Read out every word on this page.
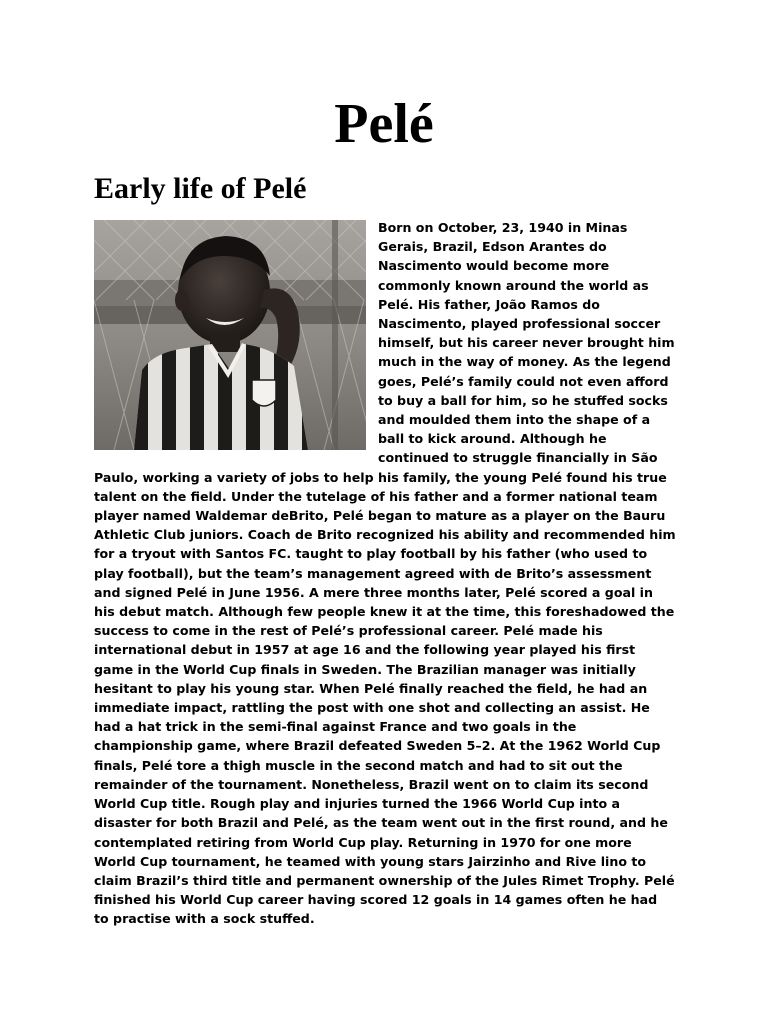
Pelé
Early life of Pelé

Born on October, 23, 1940 in Minas Gerais, Brazil, Edson Arantes do Nascimento would become more commonly known around the world as Pelé. His father, João Ramos do Nascimento, played professional soccer himself, but his career never brought him much in the way of money. As the legend goes, Pelé’s family could not even afford to buy a ball for him, so he stuffed socks and moulded them into the shape of a ball to kick around. Although he continued to struggle financially in São Paulo, working a variety of jobs to help his family, the young Pelé found his true talent on the field. Under the tutelage of his father and a former national team player named Waldemar deBrito, Pelé began to mature as a player on the Bauru Athletic Club juniors. Coach de Brito recognized his ability and recommended him for a tryout with Santos FC. taught to play football by his father (who used to play football), but the team’s management agreed with de Brito’s assessment and signed Pelé in June 1956. A mere three months later, Pelé scored a goal in his debut match. Although few people knew it at the time, this foreshadowed the success to come in the rest of Pelé’s professional career. Pelé made his international debut in 1957 at age 16 and the following year played his first game in the World Cup finals in Sweden. The Brazilian manager was initially hesitant to play his young star. When Pelé finally reached the field, he had an immediate impact, rattling the post with one shot and collecting an assist. He had a hat trick in the semi-final against France and two goals in the championship game, where Brazil defeated Sweden 5–2. At the 1962 World Cup finals, Pelé tore a thigh muscle in the second match and had to sit out the remainder of the tournament. Nonetheless, Brazil went on to claim its second World Cup title. Rough play and injuries turned the 1966 World Cup into a disaster for both Brazil and Pelé, as the team went out in the first round, and he contemplated retiring from World Cup play. Returning in 1970 for one more World Cup tournament, he teamed with young stars Jairzinho and Rive lino to claim Brazil’s third title and permanent ownership of the Jules Rimet Trophy. Pelé finished his World Cup career having scored 12 goals in 14 games often he had to practise with a sock stuffed.
